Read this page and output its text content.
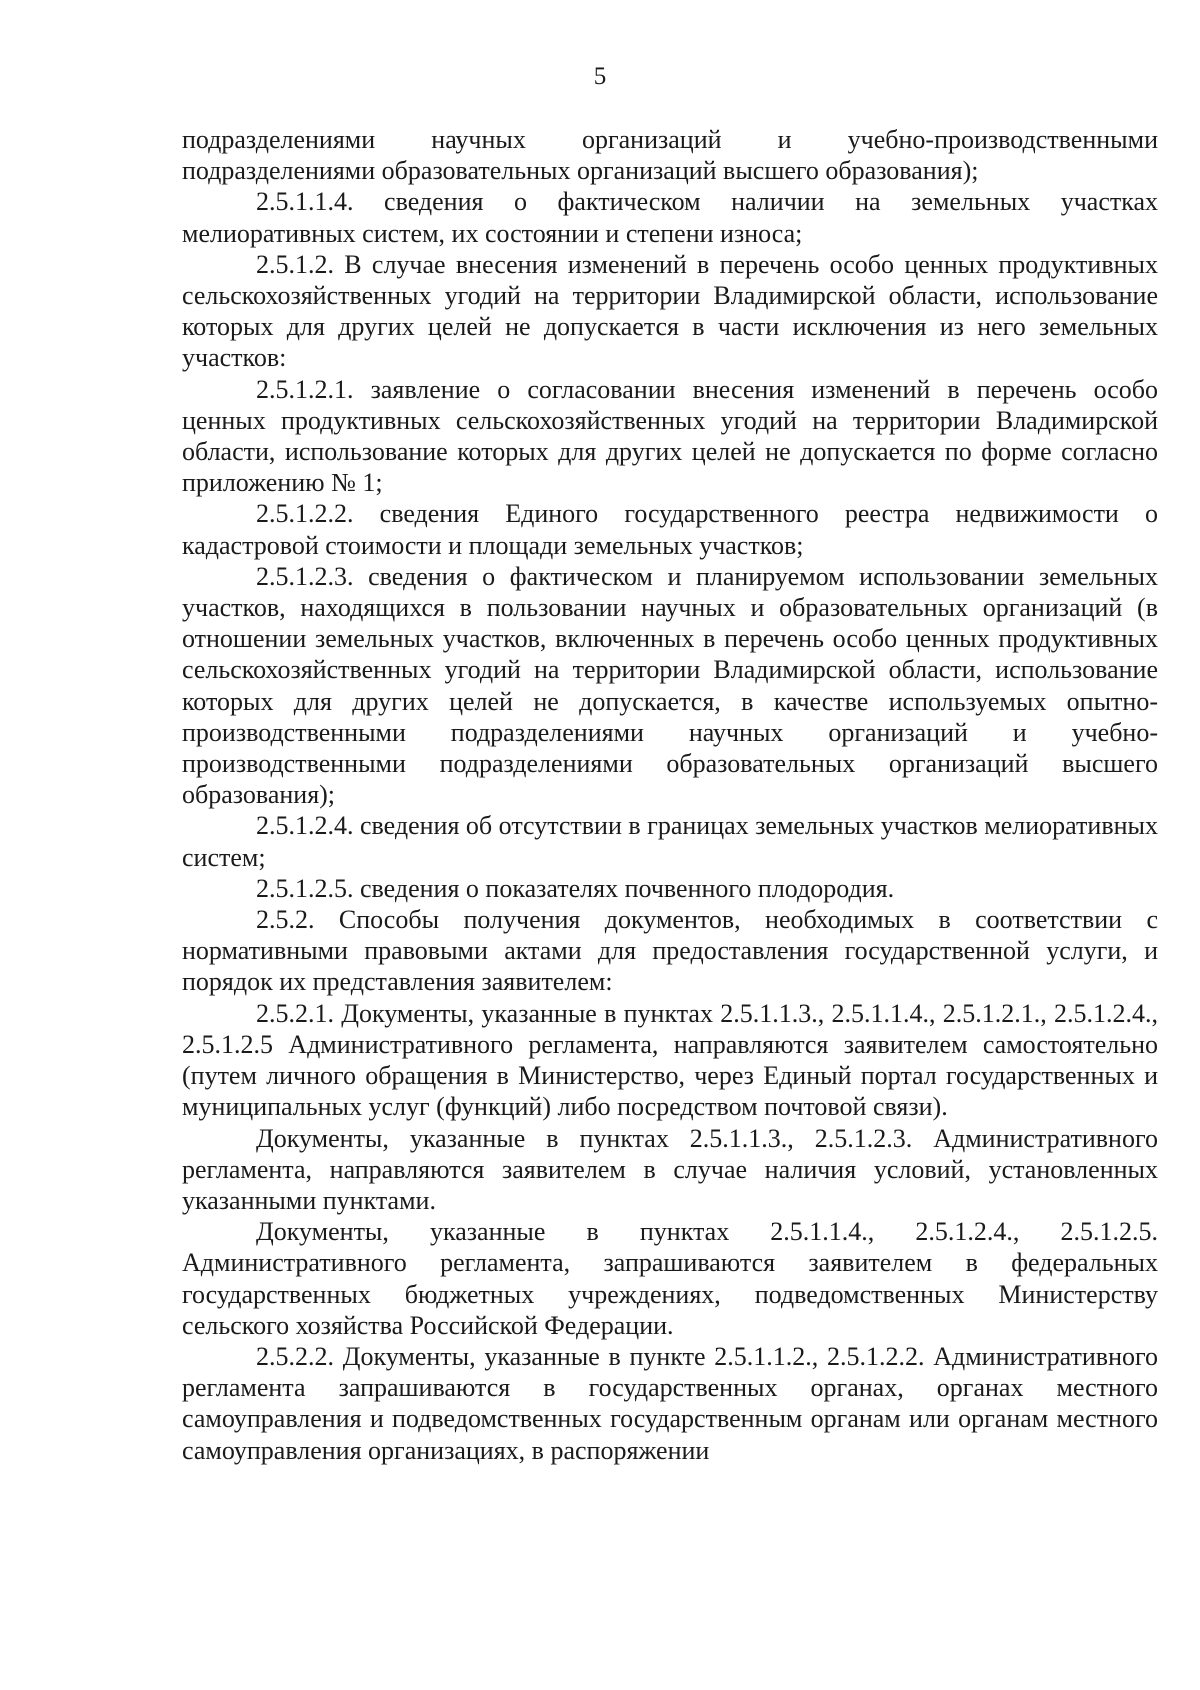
5

подразделениями научных организаций и учебно-производственными подразделениями образовательных организаций высшего образования);

2.5.1.1.4. сведения о фактическом наличии на земельных участках мелиоративных систем, их состоянии и степени износа;

2.5.1.2. В случае внесения изменений в перечень особо ценных продуктивных сельскохозяйственных угодий на территории Владимирской области, использование которых для других целей не допускается в части исключения из него земельных участков:

2.5.1.2.1. заявление о согласовании внесения изменений в перечень особо ценных продуктивных сельскохозяйственных угодий на территории Владимирской области, использование которых для других целей не допускается по форме согласно приложению № 1;

2.5.1.2.2. сведения Единого государственного реестра недвижимости о кадастровой стоимости и площади земельных участков;

2.5.1.2.3. сведения о фактическом и планируемом использовании земельных участков, находящихся в пользовании научных и образовательных организаций (в отношении земельных участков, включенных в перечень особо ценных продуктивных сельскохозяйственных угодий на территории Владимирской области, использование которых для других целей не допускается, в качестве используемых опытно-производственными подразделениями научных организаций и учебно-производственными подразделениями образовательных организаций высшего образования);

2.5.1.2.4. сведения об отсутствии в границах земельных участков мелиоративных систем;

2.5.1.2.5. сведения о показателях почвенного плодородия.

2.5.2. Способы получения документов, необходимых в соответствии с нормативными правовыми актами для предоставления государственной услуги, и порядок их представления заявителем:

2.5.2.1. Документы, указанные в пунктах 2.5.1.1.3., 2.5.1.1.4., 2.5.1.2.1., 2.5.1.2.4., 2.5.1.2.5 Административного регламента, направляются заявителем самостоятельно (путем личного обращения в Министерство, через Единый портал государственных и муниципальных услуг (функций) либо посредством почтовой связи).

Документы, указанные в пунктах 2.5.1.1.3., 2.5.1.2.3. Административного регламента, направляются заявителем в случае наличия условий, установленных указанными пунктами.

Документы, указанные в пунктах 2.5.1.1.4., 2.5.1.2.4., 2.5.1.2.5. Административного регламента, запрашиваются заявителем в федеральных государственных бюджетных учреждениях, подведомственных Министерству сельского хозяйства Российской Федерации.

2.5.2.2. Документы, указанные в пункте 2.5.1.1.2., 2.5.1.2.2. Административного регламента запрашиваются в государственных органах, органах местного самоуправления и подведомственных государственным органам или органам местного самоуправления организациях, в распоряжении
